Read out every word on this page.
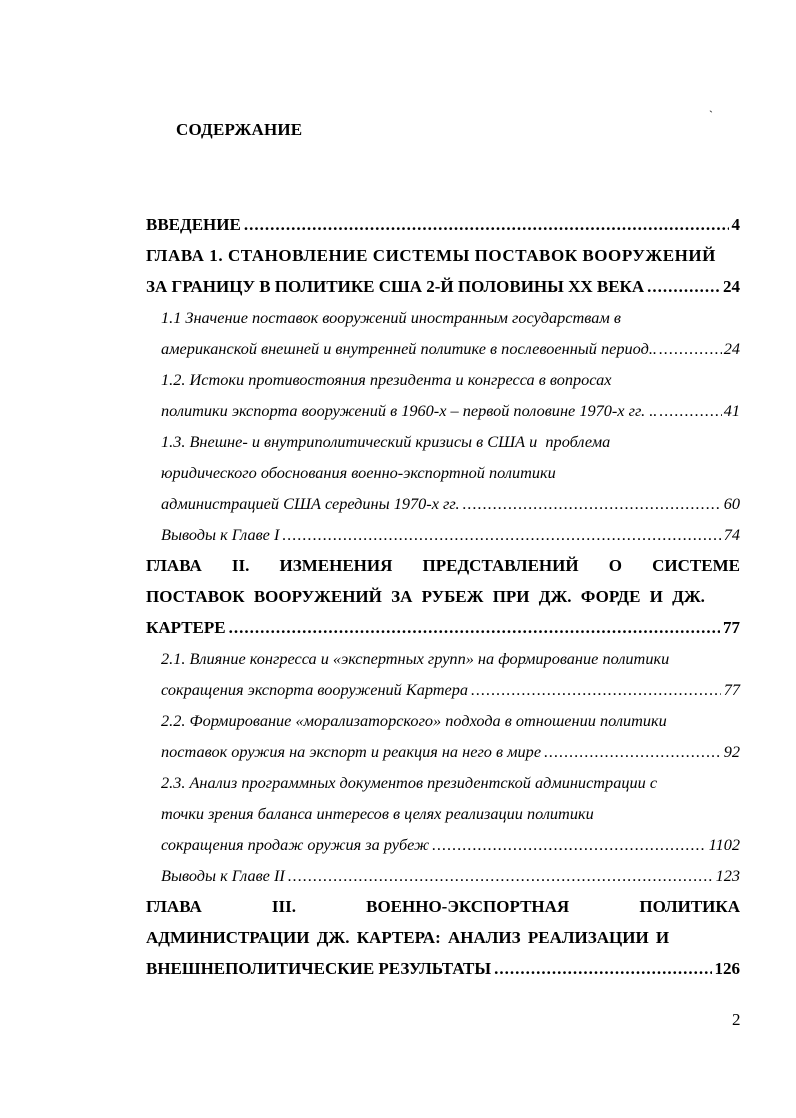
`
СОДЕРЖАНИЕ
ВВЕДЕНИЕ .....	4
ГЛАВА 1. СТАНОВЛЕНИЕ СИСТЕМЫ ПОСТАВОК ВООРУЖЕНИЙ
ЗА ГРАНИЦУ В ПОЛИТИКЕ США 2-Й ПОЛОВИНЫ XX ВЕКА .....	24
1.1 Значение поставок вооружений иностранным государствам в
американской внешней и внутренней политике в послевоенный период.. .....	24
1.2. Истоки противостояния президента и конгресса в вопросах
политики экспорта вооружений в 1960-х – первой половине 1970-х гг. .. .....	41
1.3. Внешне- и внутриполитический кризисы в США и  проблема
юридического обоснования военно-экспортной политики
администрацией США середины 1970-х гг. .....	60
Выводы к Главе I .....	74
ГЛАВА II. ИЗМЕНЕНИЯ ПРЕДСТАВЛЕНИЙ О СИСТЕМЕ
ПОСТАВОК ВООРУЖЕНИЙ ЗА РУБЕЖ ПРИ ДЖ. ФОРДЕ И ДЖ.
КАРТЕРЕ .....	77
2.1. Влияние конгресса и «экспертных групп» на формирование политики
сокращения экспорта вооружений Картера .....	77
2.2. Формирование «морализаторского» подхода в отношении политики
поставок оружия на экспорт и реакция на него в мире .....	92
2.3. Анализ программных документов президентской администрации с
точки зрения баланса интересов в целях реализации политики
сокращения продаж оружия за рубеж .....	1102
Выводы к Главе II .....	123
ГЛАВА	III.	ВОЕННО-ЭКСПОРТНАЯ	ПОЛИТИКА
АДМИНИСТРАЦИИ ДЖ. КАРТЕРА: АНАЛИЗ РЕАЛИЗАЦИИ И
ВНЕШНЕПОЛИТИЧЕСКИЕ РЕЗУЛЬТАТЫ .....	126
2
